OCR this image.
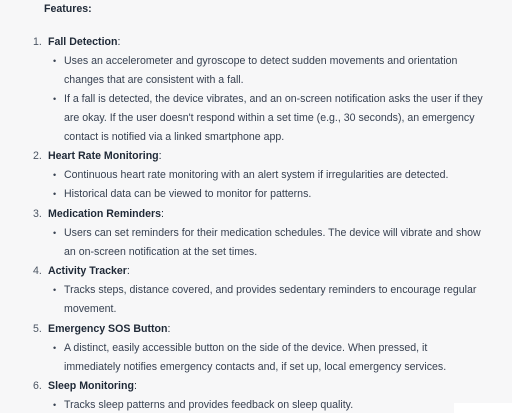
Features:
1. Fall Detection:
• Uses an accelerometer and gyroscope to detect sudden movements and orientation changes that are consistent with a fall.
• If a fall is detected, the device vibrates, and an on-screen notification asks the user if they are okay. If the user doesn't respond within a set time (e.g., 30 seconds), an emergency contact is notified via a linked smartphone app.
2. Heart Rate Monitoring:
• Continuous heart rate monitoring with an alert system if irregularities are detected.
• Historical data can be viewed to monitor for patterns.
3. Medication Reminders:
• Users can set reminders for their medication schedules. The device will vibrate and show an on-screen notification at the set times.
4. Activity Tracker:
• Tracks steps, distance covered, and provides sedentary reminders to encourage regular movement.
5. Emergency SOS Button:
• A distinct, easily accessible button on the side of the device. When pressed, it immediately notifies emergency contacts and, if set up, local emergency services.
6. Sleep Monitoring:
• Tracks sleep patterns and provides feedback on sleep quality.
